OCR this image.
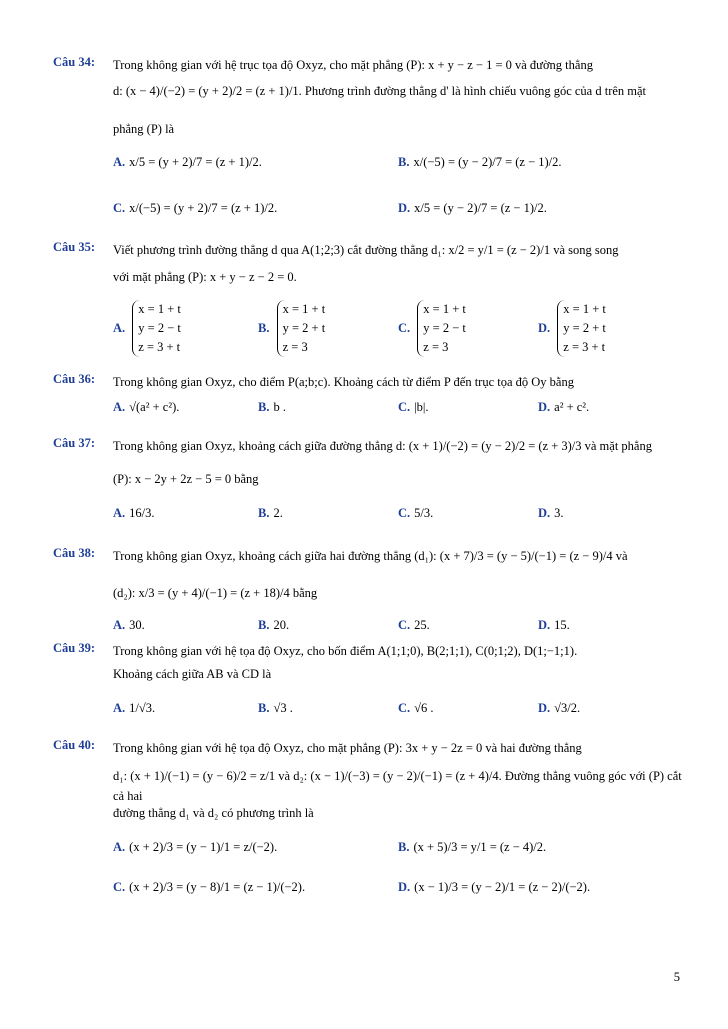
Câu 34: Trong không gian với hệ trục tọa độ Oxyz, cho mặt phẳng (P): x + y − z − 1 = 0 và đường thẳng
d: (x − 4)/(−2) = (y + 2)/2 = (z + 1)/1. Phương trình đường thẳng d' là hình chiếu vuông góc của d trên mặt
phẳng (P) là
A. x/5 = (y + 2)/7 = (z + 1)/2.	B. x/(−5) = (y − 2)/7 = (z − 1)/2.
C. x/(−5) = (y + 2)/7 = (z + 1)/2.	D. x/5 = (y − 2)/7 = (z − 1)/2.
Câu 35: Viết phương trình đường thẳng d qua A(1;2;3) cắt đường thẳng d₁: x/2 = y/1 = (z − 2)/1 và song song
với mặt phẳng (P): x + y − z − 2 = 0.
A.
x = 1 + t
y = 2 − t
z = 3 + t
B.
x = 1 + t
y = 2 + t
z = 3
C.
x = 1 + t
y = 2 − t
z = 3
D.
x = 1 + t
y = 2 + t
z = 3 + t
Câu 36: Trong không gian Oxyz, cho điểm P(a;b;c). Khoảng cách từ điểm P đến trục tọa độ Oy bằng
A. √(a² + c²).	B. b .	C. |b|.	D. a² + c².
Câu 37: Trong không gian Oxyz, khoảng cách giữa đường thẳng d: (x + 1)/(−2) = (y − 2)/2 = (z + 3)/3 và mặt phẳng
(P): x − 2y + 2z − 5 = 0 bằng
A. 16/3.	B. 2.	C. 5/3.	D. 3.
Câu 38: Trong không gian Oxyz, khoảng cách giữa hai đường thẳng (d₁): (x + 7)/3 = (y − 5)/(−1) = (z − 9)/4 và
(d₂): x/3 = (y + 4)/(−1) = (z + 18)/4 bằng
A. 30.	B. 20.	C. 25.	D. 15.
Câu 39: Trong không gian với hệ tọa độ Oxyz, cho bốn điểm A(1;1;0), B(2;1;1), C(0;1;2), D(1;−1;1).
Khoảng cách giữa AB và CD là
A. 1/√3.	B. √3 .	C. √6 .	D. √3/2.
Câu 40: Trong không gian với hệ tọa độ Oxyz, cho mặt phẳng (P): 3x + y − 2z = 0 và hai đường thẳng
d₁: (x + 1)/(−1) = (y − 6)/2 = z/1 và d₂: (x − 1)/(−3) = (y − 2)/(−1) = (z + 4)/4. Đường thẳng vuông góc với (P) cắt cả hai
đường thẳng d₁ và d₂ có phương trình là
A. (x + 2)/3 = (y − 1)/1 = z/(−2).	B. (x + 5)/3 = y/1 = (z − 4)/2.
C. (x + 2)/3 = (y − 8)/1 = (z − 1)/(−2).	D. (x − 1)/3 = (y − 2)/1 = (z − 2)/(−2).
5
